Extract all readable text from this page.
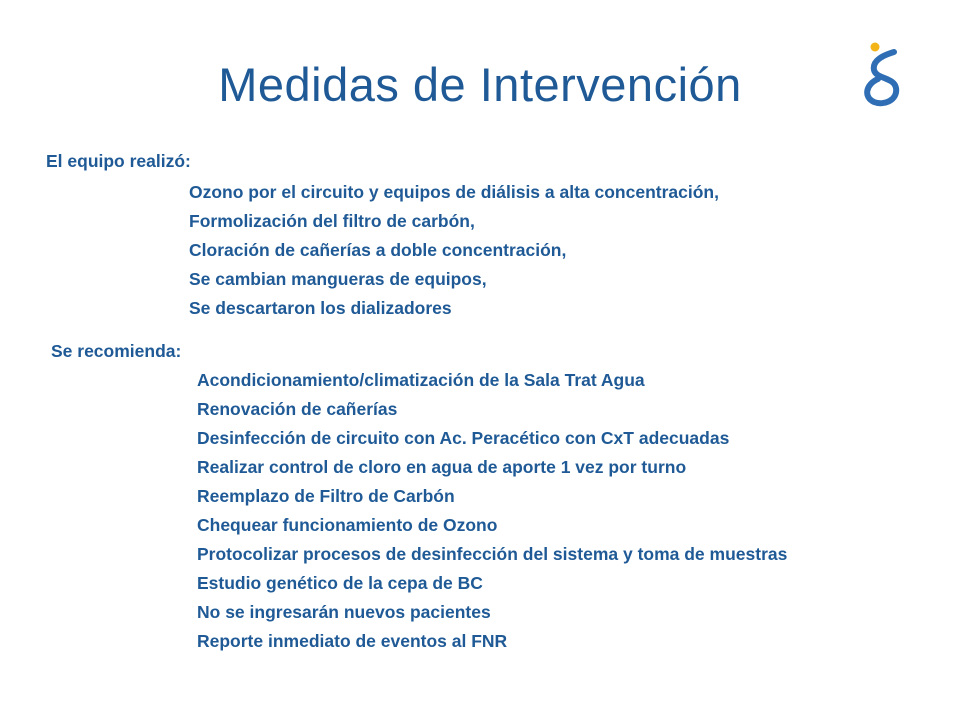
Medidas de Intervención
El equipo realizó:
Ozono por el circuito y equipos de diálisis a alta concentración,
Formolización del filtro de carbón,
Cloración de cañerías a doble concentración,
Se cambian mangueras de equipos,
Se descartaron los dializadores
Se recomienda:
Acondicionamiento/climatización de la Sala Trat Agua
Renovación de cañerías
Desinfección de circuito con Ac. Peracético con CxT adecuadas
Realizar control de cloro en agua de aporte 1 vez por turno
Reemplazo de Filtro de Carbón
Chequear funcionamiento de Ozono
Protocolizar procesos de desinfección del sistema y toma de muestras
Estudio genético de la cepa de BC
No se ingresarán nuevos pacientes
Reporte inmediato de eventos al FNR
